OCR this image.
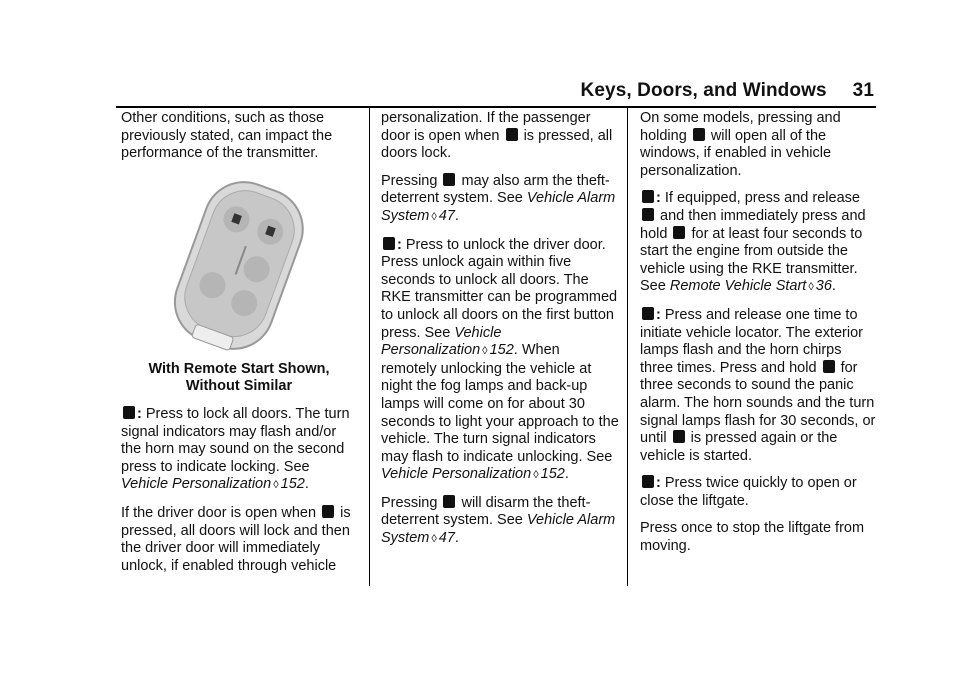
Keys, Doors, and Windows 31

Other conditions, such as those previously stated, can impact the performance of the transmitter.

With Remote Start Shown, Without Similar

: Press to lock all doors. The turn signal indicators may flash and/or the horn may sound on the second press to indicate locking. See Vehicle Personalization ◊ 152.

If the driver door is open when is pressed, all doors will lock and then the driver door will immediately unlock, if enabled through vehicle

personalization. If the passenger door is open when is pressed, all doors lock.

Pressing may also arm the theft-deterrent system. See Vehicle Alarm System ◊ 47.

: Press to unlock the driver door. Press unlock again within five seconds to unlock all doors. The RKE transmitter can be programmed to unlock all doors on the first button press. See Vehicle Personalization ◊ 152. When remotely unlocking the vehicle at night the fog lamps and back-up lamps will come on for about 30 seconds to light your approach to the vehicle. The turn signal indicators may flash to indicate unlocking. See Vehicle Personalization ◊ 152.

Pressing will disarm the theft-deterrent system. See Vehicle Alarm System ◊ 47.

On some models, pressing and holding will open all of the windows, if enabled in vehicle personalization.

: If equipped, press and release  and then immediately press and hold for at least four seconds to start the engine from outside the vehicle using the RKE transmitter. See Remote Vehicle Start ◊ 36.

: Press and release one time to initiate vehicle locator. The exterior lamps flash and the horn chirps three times. Press and hold for three seconds to sound the panic alarm. The horn sounds and the turn signal lamps flash for 30 seconds, or until is pressed again or the vehicle is started.

: Press twice quickly to open or close the liftgate.

Press once to stop the liftgate from moving.
